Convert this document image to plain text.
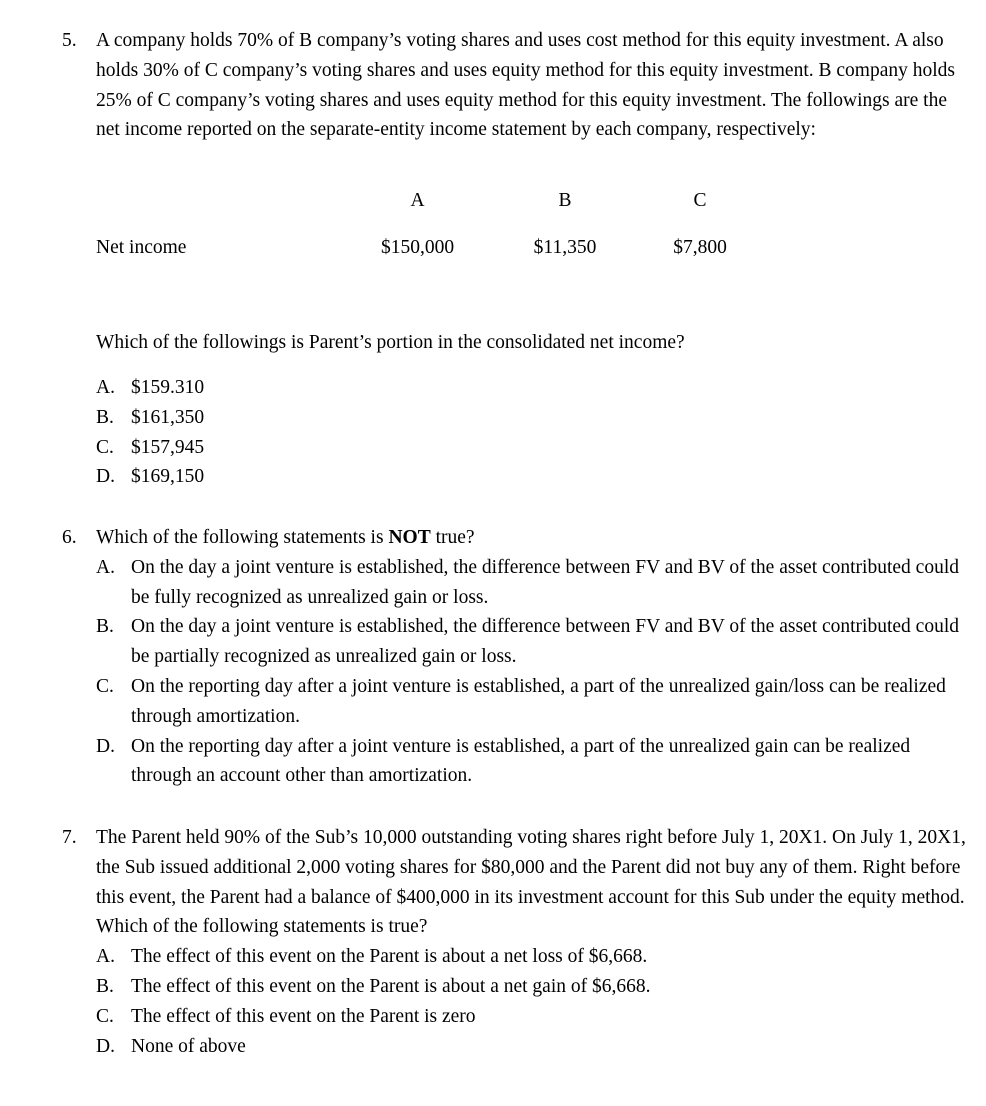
5. A company holds 70% of B company’s voting shares and uses cost method for this equity investment. A also holds 30% of C company’s voting shares and uses equity method for this equity investment. B company holds 25% of C company’s voting shares and uses equity method for this equity investment. The followings are the net income reported on the separate-entity income statement by each company, respectively:
	A	B	C
Net income	$150,000	$11,350	$7,800
Which of the followings is Parent’s portion in the consolidated net income?
A. $159.310
B. $161,350
C. $157,945
D. $169,150
6. Which of the following statements is NOT true?
A. On the day a joint venture is established, the difference between FV and BV of the asset contributed could be fully recognized as unrealized gain or loss.
B. On the day a joint venture is established, the difference between FV and BV of the asset contributed could be partially recognized as unrealized gain or loss.
C. On the reporting day after a joint venture is established, a part of the unrealized gain/loss can be realized through amortization.
D. On the reporting day after a joint venture is established, a part of the unrealized gain can be realized through an account other than amortization.
7. The Parent held 90% of the Sub’s 10,000 outstanding voting shares right before July 1, 20X1. On July 1, 20X1, the Sub issued additional 2,000 voting shares for $80,000 and the Parent did not buy any of them. Right before this event, the Parent had a balance of $400,000 in its investment account for this Sub under the equity method. Which of the following statements is true?
A. The effect of this event on the Parent is about a net loss of $6,668.
B. The effect of this event on the Parent is about a net gain of $6,668.
C. The effect of this event on the Parent is zero
D. None of above
